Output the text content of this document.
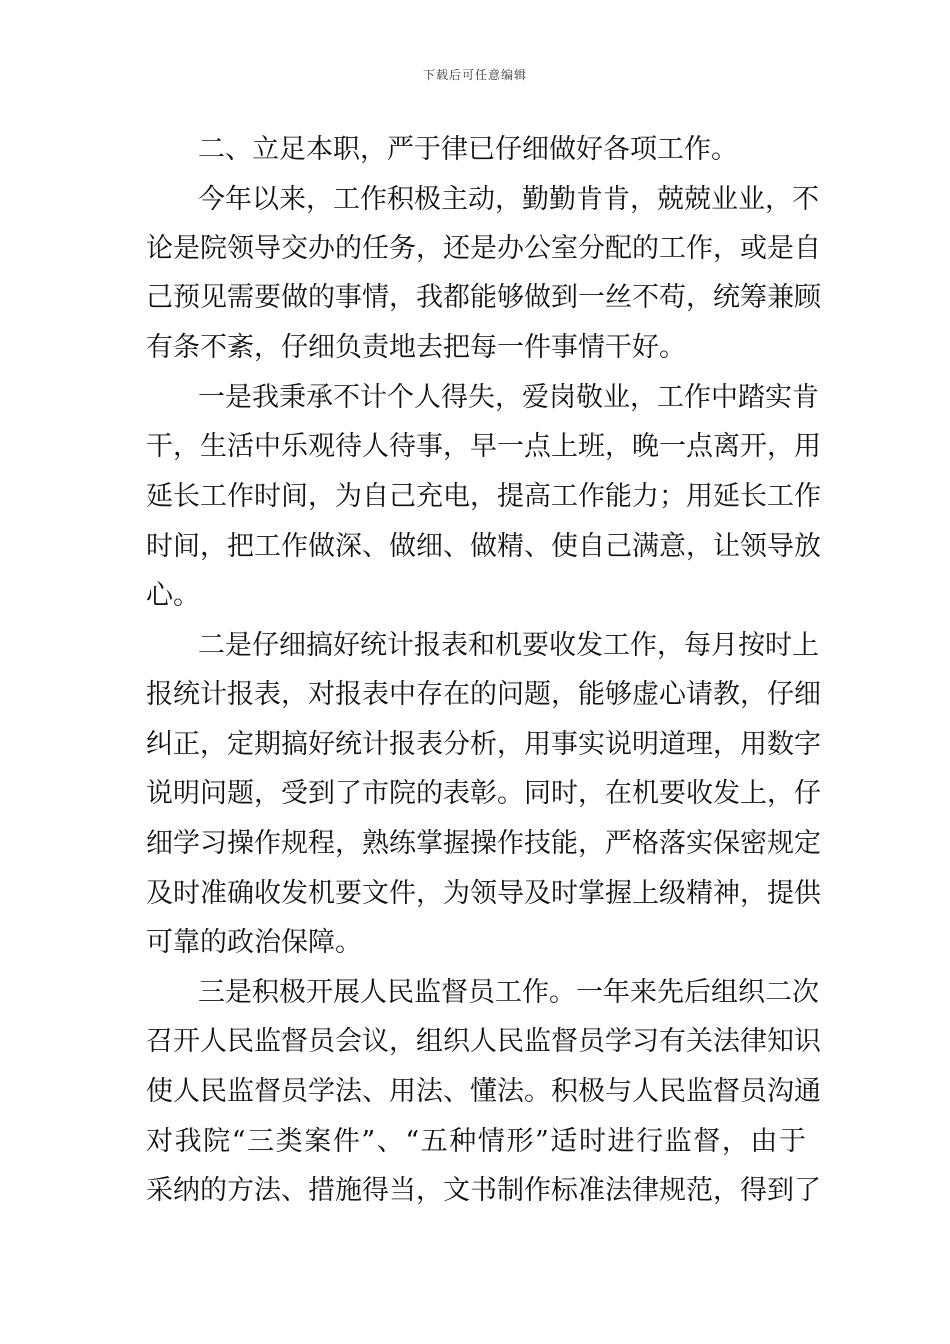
下载后可任意编辑
二、立足本职，严于律已仔细做好各项工作。
今年以来，工作积极主动，勤勤肯肯，兢兢业业，不
论是院领导交办的任务，还是办公室分配的工作，或是自
己预见需要做的事情，我都能够做到一丝不苟，统筹兼顾
有条不紊，仔细负责地去把每一件事情干好。
一是我秉承不计个人得失，爱岗敬业，工作中踏实肯
干，生活中乐观待人待事，早一点上班，晚一点离开，用
延长工作时间，为自己充电，提高工作能力；用延长工作
时间，把工作做深、做细、做精、使自己满意，让领导放
心。
二是仔细搞好统计报表和机要收发工作，每月按时上
报统计报表，对报表中存在的问题，能够虚心请教，仔细
纠正，定期搞好统计报表分析，用事实说明道理，用数字
说明问题，受到了市院的表彰。同时，在机要收发上，仔
细学习操作规程，熟练掌握操作技能，严格落实保密规定
及时准确收发机要文件，为领导及时掌握上级精神，提供
可靠的政治保障。
三是积极开展人民监督员工作。一年来先后组织二次
召开人民监督员会议，组织人民监督员学习有关法律知识
使人民监督员学法、用法、懂法。积极与人民监督员沟通
对我院“三类案件”、“五种情形”适时进行监督，由于
采纳的方法、措施得当，文书制作标准法律规范，得到了
